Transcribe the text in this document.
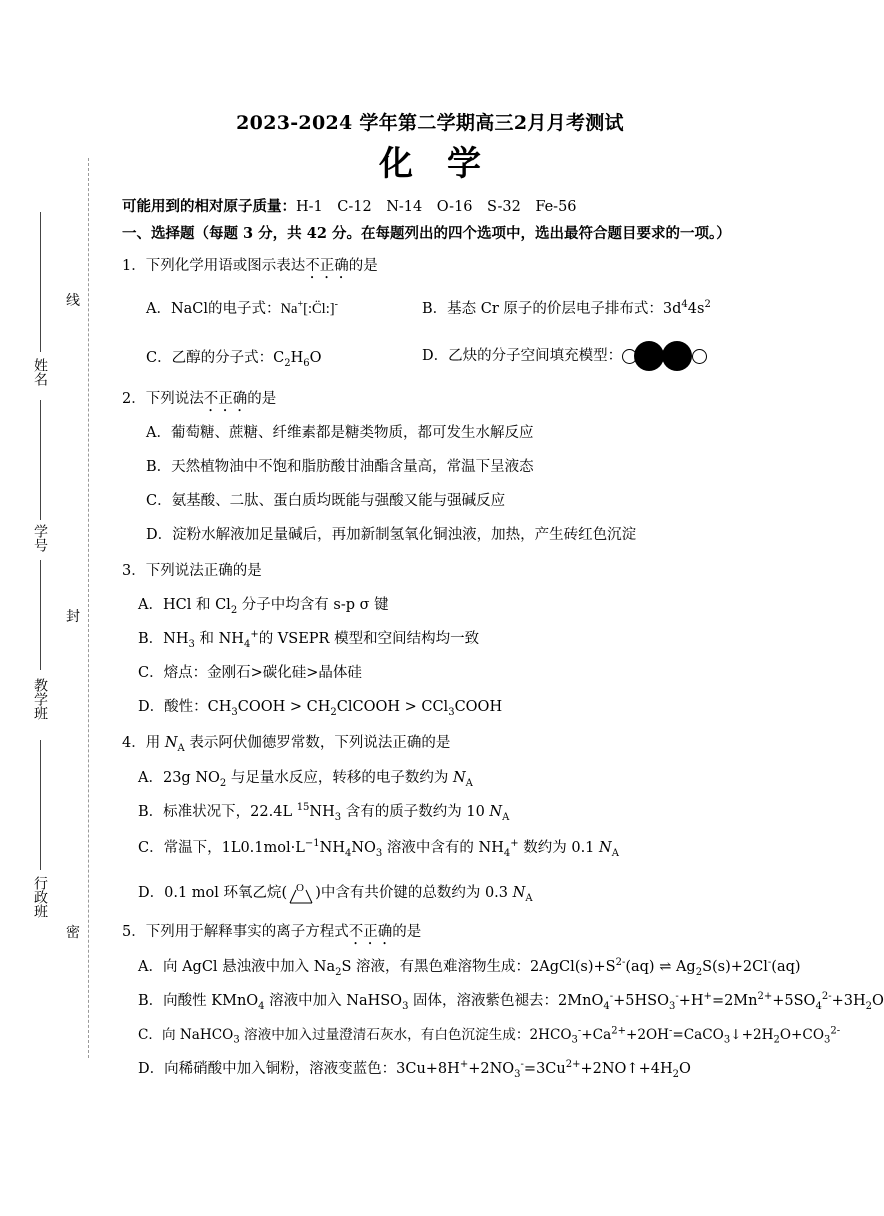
线
封
密
姓名
学号
教学班
行政班
2023-2024 学年第二学期高三2月月考测试
化学
可能用到的相对原子质量：H-1　C-12　N-14　O-16　S-32　Fe-56
一、选择题（每题 3 分，共 42 分。在每题列出的四个选项中，选出最符合题目要求的一项。）
1．下列化学用语或图示表达不正确的是
A．NaCl的电子式：Na+[:C̈l:]-	B．基态 Cr 原子的价层电子排布式：$3d^44s^2$
C．乙醇的分子式：$C_2H_6O$	D．乙炔的分子空间填充模型：
2．下列说法不正确的是
A．葡萄糖、蔗糖、纤维素都是糖类物质，都可发生水解反应
B．天然植物油中不饱和脂肪酸甘油酯含量高，常温下呈液态
C．氨基酸、二肽、蛋白质均既能与强酸又能与强碱反应
D．淀粉水解液加足量碱后，再加新制氢氧化铜浊液，加热，产生砖红色沉淀
3．下列说法正确的是
A．HCl 和 $Cl_2$ 分子中均含有 s-p σ 键
B．$NH_3$ 和 $NH_4^+$的 VSEPR 模型和空间结构均一致
C．熔点：金刚石>碳化硅>晶体硅
D．酸性：$CH_3COOH$ > $CH_2ClCOOH$ > CCl$_3$COOH
4．用 $N_A$ 表示阿伏伽德罗常数，下列说法正确的是
A．23g $NO_2$ 与足量水反应，转移的电子数约为 $N_A$
B．标准状况下，22.4L $^{15}NH_3$ 含有的质子数约为 10 $N_A$
C．常温下，$1L0.1mol\cdot L^{-1}NH_4NO_3$ 溶液中含有的 $NH_4^+$ 数约为 0.1 $N_A$
D．0.1 mol 环氧乙烷( O )中含有共价键的总数约为 0.3 $N_A$
5．下列用于解释事实的离子方程式不正确的是
A．向 AgCl 悬浊液中加入 $Na_2S$ 溶液，有黑色难溶物生成：$2AgCl(s)+S^{2-}(aq)$ ⇌ $Ag_2S(s)+2Cl^-(aq)$
B．向酸性 KMnO$_4$ 溶液中加入 NaHSO$_3$ 固体，溶液紫色褪去：$2MnO_4^-+5HSO_3^-+H^+=2Mn^{2+}+5SO_4^{2-}+3H_2O$
C．向 NaHCO$_3$ 溶液中加入过量澄清石灰水，有白色沉淀生成：$2HCO_3^-+Ca^{2+}+2OH^-=CaCO_3↓+2H_2O+CO_3^{2-}$
D．向稀硝酸中加入铜粉，溶液变蓝色：$3Cu+8H^++2NO_3^-=3Cu^{2+}+2NO↑+4H_2O$
